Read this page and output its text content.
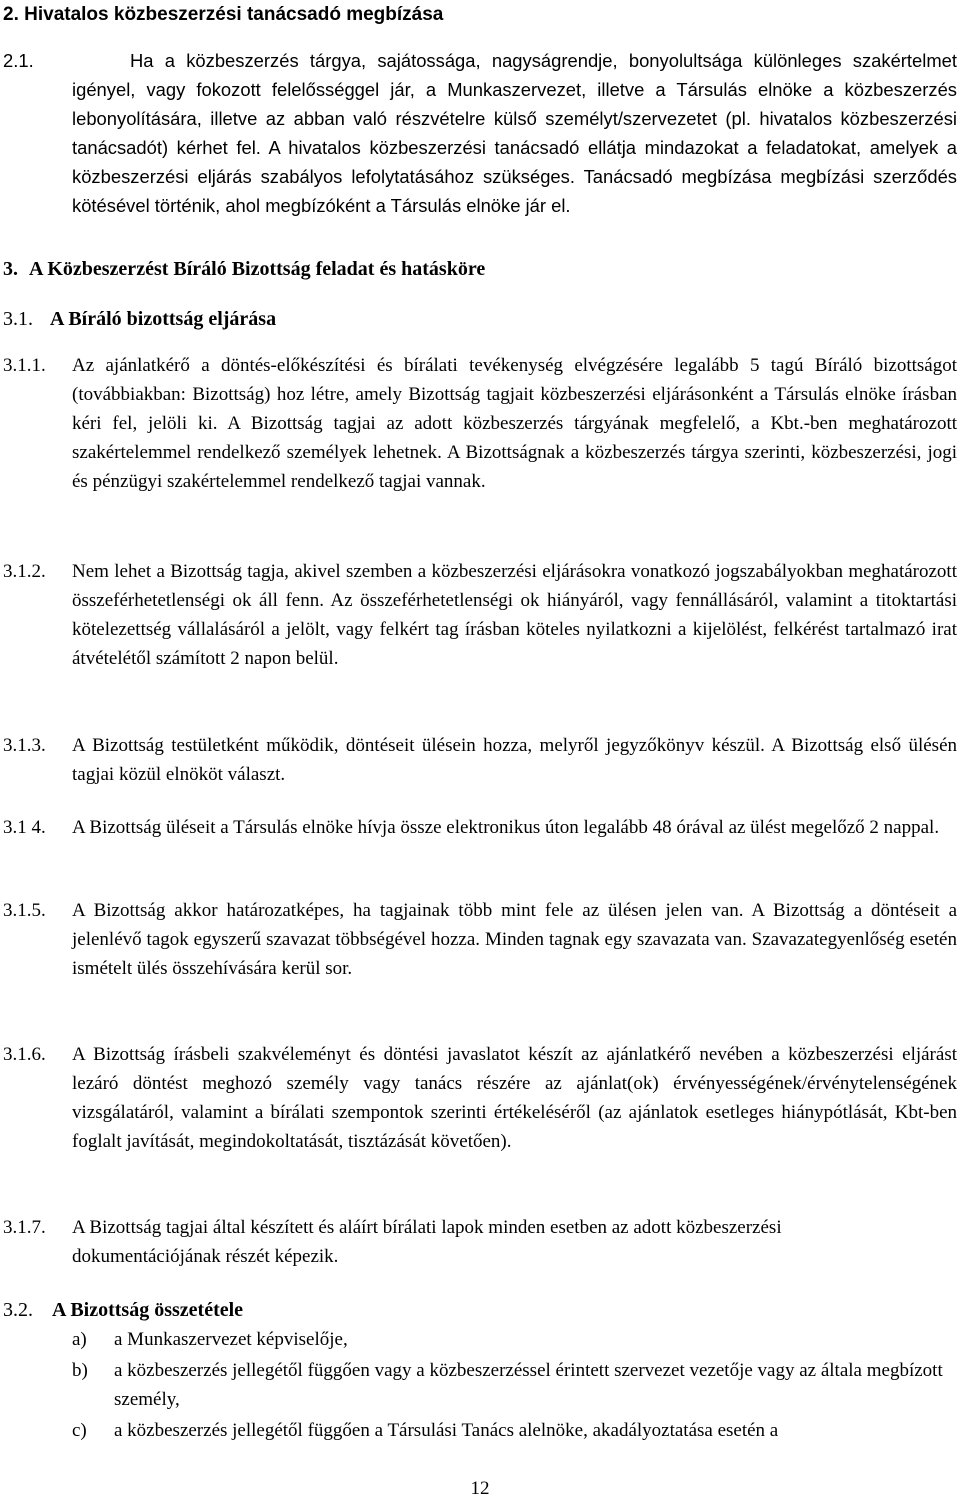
2. Hivatalos közbeszerzési tanácsadó megbízása
2.1.	Ha a közbeszerzés tárgya, sajátossága, nagyságrendje, bonyolultsága különleges szakértelmet igényel, vagy fokozott felelősséggel jár, a Munkaszervezet, illetve a Társulás elnöke a közbeszerzés lebonyolítására, illetve az abban való részvételre külső személyt/szervezetet (pl. hivatalos közbeszerzési tanácsadót) kérhet fel. A hivatalos közbeszerzési tanácsadó ellátja mindazokat a feladatokat, amelyek a közbeszerzési eljárás szabályos lefolytatásához szükséges. Tanácsadó megbízása megbízási szerződés kötésével történik, ahol megbízóként a Társulás elnöke jár el.
3. A Közbeszerzést Bíráló Bizottság feladat és hatásköre
3.1. A Bíráló bizottság eljárása
3.1.1. Az ajánlatkérő a döntés-előkészítési és bírálati tevékenység elvégzésére legalább 5 tagú Bíráló bizottságot (továbbiakban: Bizottság) hoz létre, amely Bizottság tagjait közbeszerzési eljárásonként a Társulás elnöke írásban kéri fel, jelöli ki. A Bizottság tagjai az adott közbeszerzés tárgyának megfelelő, a Kbt.-ben meghatározott szakértelemmel rendelkező személyek lehetnek. A Bizottságnak a közbeszerzés tárgya szerinti, közbeszerzési, jogi és pénzügyi szakértelemmel rendelkező tagjai vannak.
3.1.2. Nem lehet a Bizottság tagja, akivel szemben a közbeszerzési eljárásokra vonatkozó jogszabályokban meghatározott összeférhetetlenségi ok áll fenn. Az összeférhetetlenségi ok hiányáról, vagy fennállásáról, valamint a titoktartási kötelezettség vállalásáról a jelölt, vagy felkért tag írásban köteles nyilatkozni a kijelölést, felkérést tartalmazó irat átvételétől számított 2 napon belül.
3.1.3. A Bizottság testületként működik, döntéseit ülésein hozza, melyről jegyzőkönyv készül. A Bizottság első ülésén tagjai közül elnököt választ.
3.1 4. A Bizottság üléseit a Társulás elnöke hívja össze elektronikus úton legalább 48 órával az ülést megelőző 2 nappal.
3.1.5. A Bizottság akkor határozatképes, ha tagjainak több mint fele az ülésen jelen van. A Bizottság a döntéseit a jelenlévő tagok egyszerű szavazat többségével hozza. Minden tagnak egy szavazata van. Szavazategyenlőség esetén ismételt ülés összehívására kerül sor.
3.1.6. A Bizottság írásbeli szakvéleményt és döntési javaslatot készít az ajánlatkérő nevében a közbeszerzési eljárást lezáró döntést meghozó személy vagy tanács részére az ajánlat(ok) érvényességének/érvénytelenségének vizsgálatáról, valamint a bírálati szempontok szerinti értékeléséről (az ajánlatok esetleges hiánypótlását, Kbt-ben foglalt javítását, megindokoltatását, tisztázását követően).
3.1.7. A Bizottság tagjai által készített és aláírt bírálati lapok minden esetben az adott közbeszerzési dokumentációjának részét képezik.
3.2. A Bizottság összetétele
a) a Munkaszervezet képviselője,
b) a közbeszerzés jellegétől függően vagy a közbeszerzéssel érintett szervezet vezetője vagy az általa megbízott személy,
c) a közbeszerzés jellegétől függően a Társulási Tanács alelnöke, akadályoztatása esetén a
12
